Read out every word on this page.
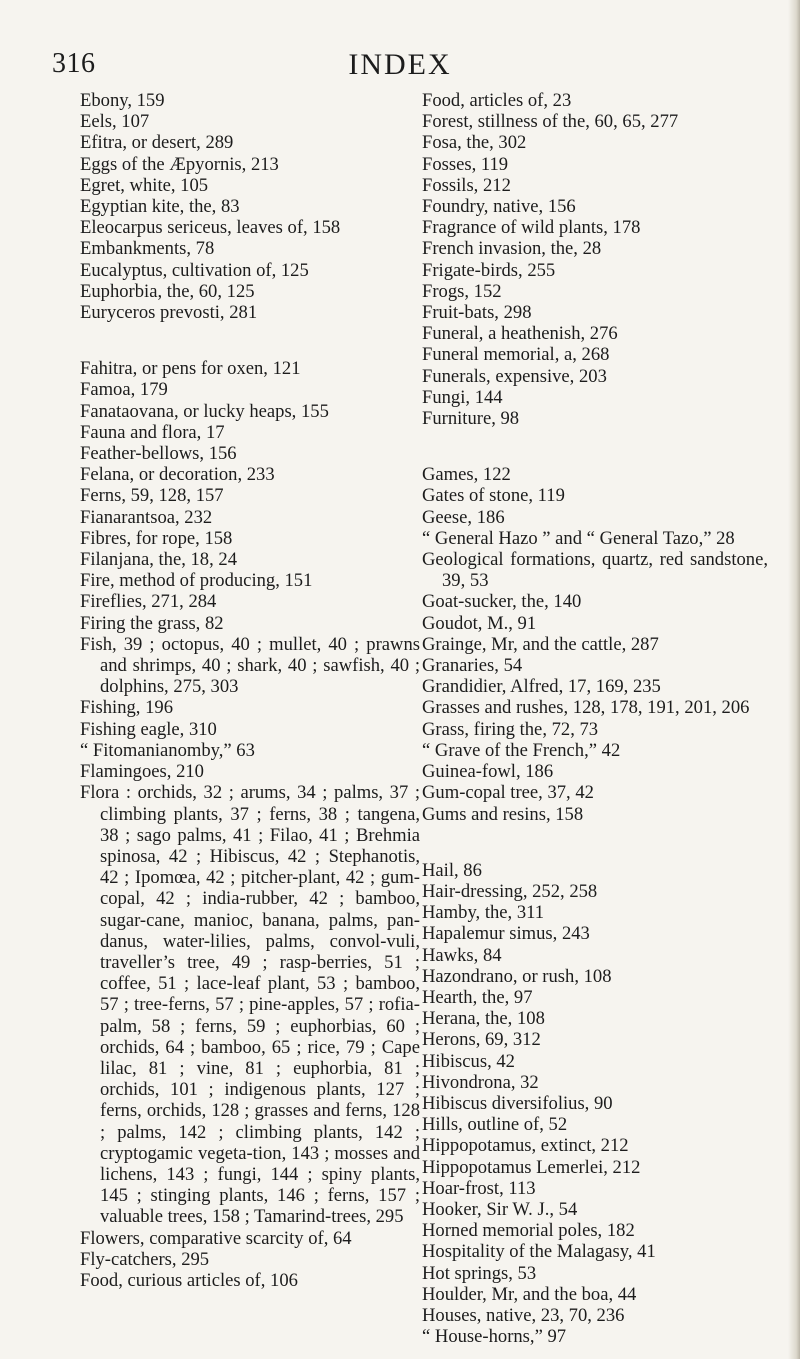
316	INDEX
Ebony, 159
Eels, 107
Efitra, or desert, 289
Eggs of the Æpyornis, 213
Egret, white, 105
Egyptian kite, the, 83
Eleocarpus sericeus, leaves of, 158
Embankments, 78
Eucalyptus, cultivation of, 125
Euphorbia, the, 60, 125
Euryceros prevosti, 281
Fahitra, or pens for oxen, 121
Famoa, 179
Fanataovana, or lucky heaps, 155
Fauna and flora, 17
Feather-bellows, 156
Felana, or decoration, 233
Ferns, 59, 128, 157
Fianarantsoa, 232
Fibres, for rope, 158
Filanjana, the, 18, 24
Fire, method of producing, 151
Fireflies, 271, 284
Firing the grass, 82
Fish, 39 ; octopus, 40 ; mullet, 40 ; prawns and shrimps, 40 ; shark, 40 ; sawfish, 40 ; dolphins, 275, 303
Fishing, 196
Fishing eagle, 310
“ Fitomanianomby,” 63
Flamingoes, 210
Flora : orchids, 32 ; arums, 34 ; palms, 37 ; climbing plants, 37 ; ferns, 38 ; tangena, 38 ; sago palms, 41 ; Filao, 41 ; Brehmia spinosa, 42 ; Hibiscus, 42 ; Stephanotis, 42 ; Ipomœa, 42 ; pitcher-plant, 42 ; gum-copal, 42 ; india-rubber, 42 ; bamboo, sugar-cane, manioc, banana, palms, pan-danus, water-lilies, palms, convol-vuli, traveller’s tree, 49 ; rasp-berries, 51 ; coffee, 51 ; lace-leaf plant, 53 ; bamboo, 57 ; tree-ferns, 57 ; pine-apples, 57 ; rofia-palm, 58 ; ferns, 59 ; euphorbias, 60 ; orchids, 64 ; bamboo, 65 ; rice, 79 ; Cape lilac, 81 ; vine, 81 ; euphorbia, 81 ; orchids, 101 ; indigenous plants, 127 ; ferns, orchids, 128 ; grasses and ferns, 128 ; palms, 142 ; climbing plants, 142 ; cryptogamic vegeta-tion, 143 ; mosses and lichens, 143 ; fungi, 144 ; spiny plants, 145 ; stinging plants, 146 ; ferns, 157 ; valuable trees, 158 ; Tamarind-trees, 295
Flowers, comparative scarcity of, 64
Fly-catchers, 295
Food, curious articles of, 106
Food, articles of, 23
Forest, stillness of the, 60, 65, 277
Fosa, the, 302
Fosses, 119
Fossils, 212
Foundry, native, 156
Fragrance of wild plants, 178
French invasion, the, 28
Frigate-birds, 255
Frogs, 152
Fruit-bats, 298
Funeral, a heathenish, 276
Funeral memorial, a, 268
Funerals, expensive, 203
Fungi, 144
Furniture, 98
Games, 122
Gates of stone, 119
Geese, 186
“ General Hazo ” and “ General Tazo,” 28
Geological formations, quartz, red sandstone, 39, 53
Goat-sucker, the, 140
Goudot, M., 91
Grainge, Mr, and the cattle, 287
Granaries, 54
Grandidier, Alfred, 17, 169, 235
Grasses and rushes, 128, 178, 191, 201, 206
Grass, firing the, 72, 73
“ Grave of the French,” 42
Guinea-fowl, 186
Gum-copal tree, 37, 42
Gums and resins, 158
Hail, 86
Hair-dressing, 252, 258
Hamby, the, 311
Hapalemur simus, 243
Hawks, 84
Hazondrano, or rush, 108
Hearth, the, 97
Herana, the, 108
Herons, 69, 312
Hibiscus, 42
Hivondrona, 32
Hibiscus diversifolius, 90
Hills, outline of, 52
Hippopotamus, extinct, 212
Hippopotamus Lemerlei, 212
Hoar-frost, 113
Hooker, Sir W. J., 54
Horned memorial poles, 182
Hospitality of the Malagasy, 41
Hot springs, 53
Houlder, Mr, and the boa, 44
Houses, native, 23, 70, 236
“ House-horns,” 97
